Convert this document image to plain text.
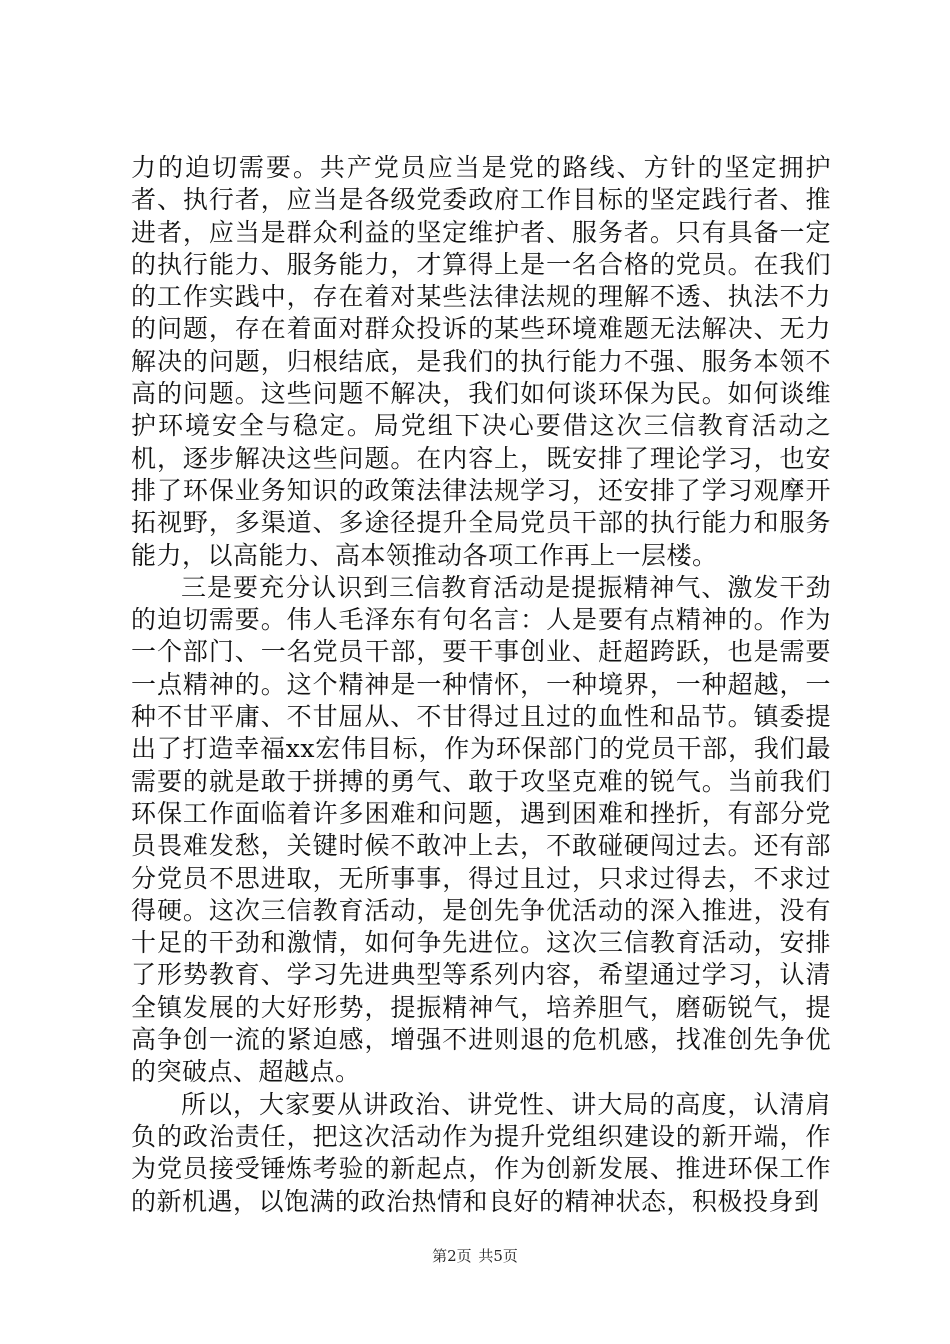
力的迫切需要。共产党员应当是党的路线、方针的坚定拥护者、执行者，应当是各级党委政府工作目标的坚定践行者、推进者，应当是群众利益的坚定维护者、服务者。只有具备一定的执行能力、服务能力，才算得上是一名合格的党员。在我们的工作实践中，存在着对某些法律法规的理解不透、执法不力的问题，存在着面对群众投诉的某些环境难题无法解决、无力解决的问题，归根结底，是我们的执行能力不强、服务本领不高的问题。这些问题不解决，我们如何谈环保为民。如何谈维护环境安全与稳定。局党组下决心要借这次三信教育活动之机，逐步解决这些问题。在内容上，既安排了理论学习，也安排了环保业务知识的政策法律法规学习，还安排了学习观摩开拓视野，多渠道、多途径提升全局党员干部的执行能力和服务能力，以高能力、高本领推动各项工作再上一层楼。

三是要充分认识到三信教育活动是提振精神气、激发干劲的迫切需要。伟人毛泽东有句名言：人是要有点精神的。作为一个部门、一名党员干部，要干事创业、赶超跨跃，也是需要一点精神的。这个精神是一种情怀，一种境界，一种超越，一种不甘平庸、不甘屈从、不甘得过且过的血性和品节。镇委提出了打造幸福xx宏伟目标，作为环保部门的党员干部，我们最需要的就是敢于拼搏的勇气、敢于攻坚克难的锐气。当前我们环保工作面临着许多困难和问题，遇到困难和挫折，有部分党员畏难发愁，关键时候不敢冲上去，不敢碰硬闯过去。还有部分党员不思进取，无所事事，得过且过，只求过得去，不求过得硬。这次三信教育活动，是创先争优活动的深入推进，没有十足的干劲和激情，如何争先进位。这次三信教育活动，安排了形势教育、学习先进典型等系列内容，希望通过学习，认清全镇发展的大好形势，提振精神气，培养胆气，磨砺锐气，提高争创一流的紧迫感，增强不进则退的危机感，找准创先争优的突破点、超越点。

所以，大家要从讲政治、讲党性、讲大局的高度，认清肩负的政治责任，把这次活动作为提升党组织建设的新开端，作为党员接受锤炼考验的新起点，作为创新发展、推进环保工作的新机遇，以饱满的政治热情和良好的精神状态，积极投身到

第2页 共5页
